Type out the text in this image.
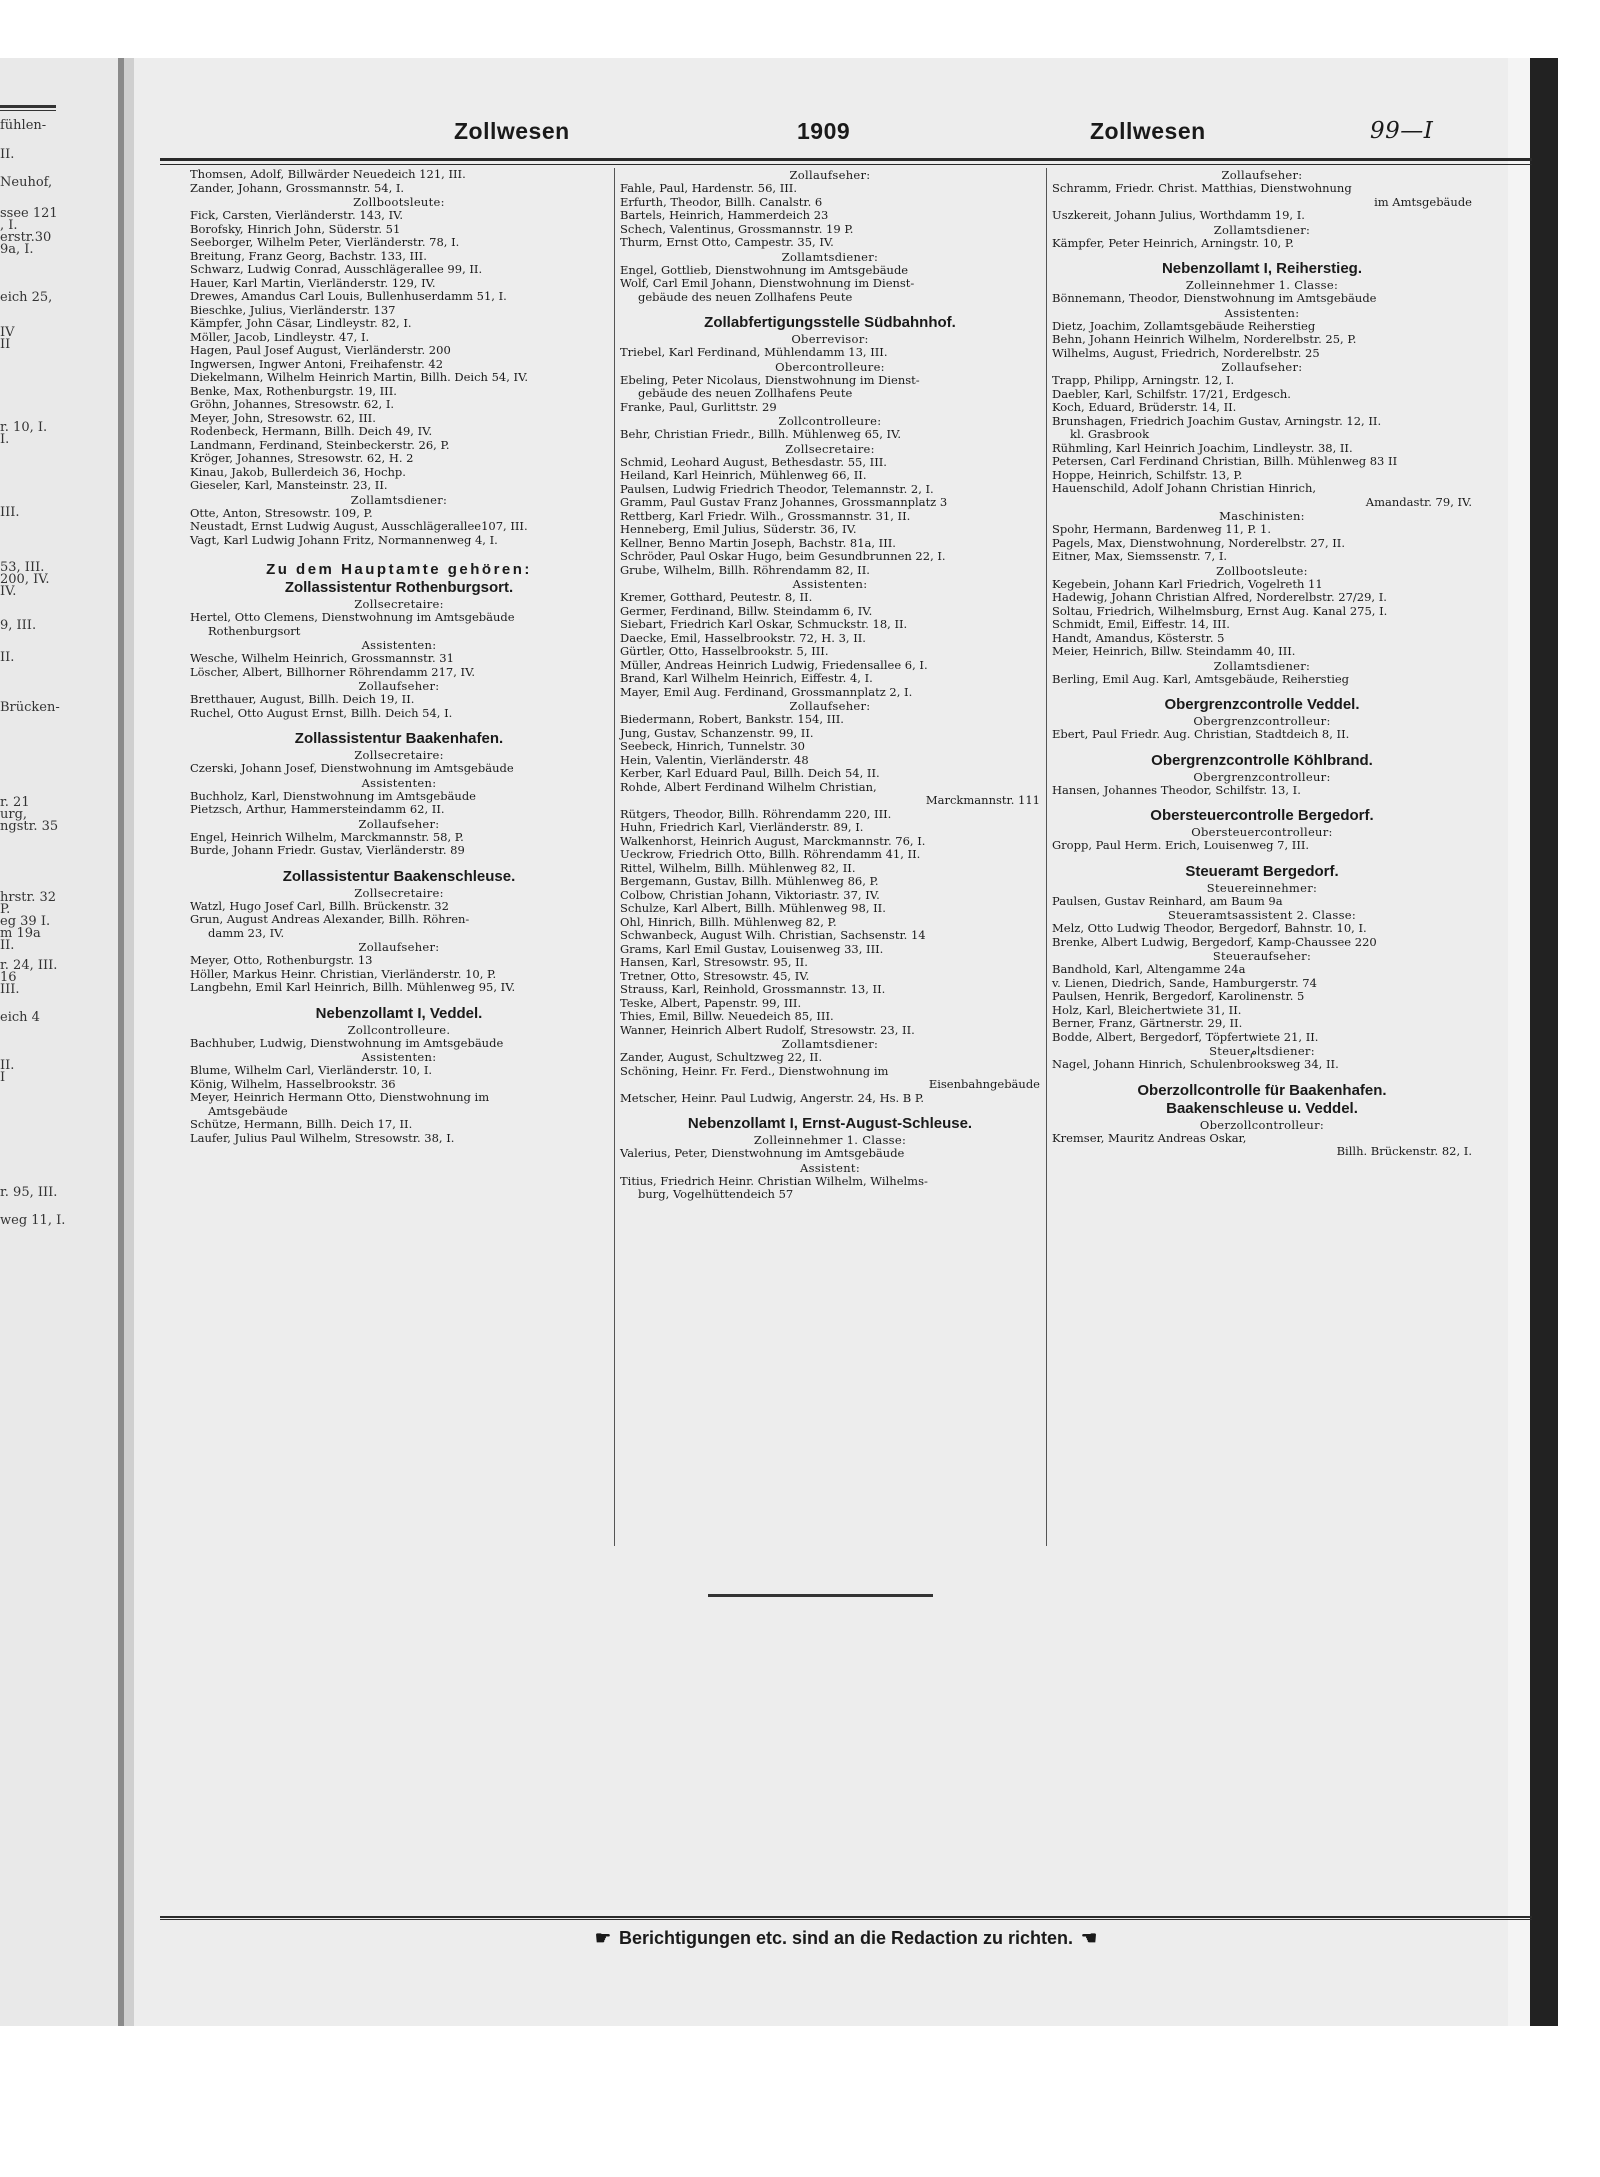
fühlen-
II.
Neuhof,
ssee 121
, I.
erstr.30
9a, I.
eich 25,
IV
II
r. 10, I.
I.
III.
53, III.
200, IV.
IV.
9, III.
II.
Brücken-
r. 21
urg,
ngstr. 35
hrstr. 32
P.
eg 39 I.
m 19a
II.
r. 24, III.
16
III.
eich 4
II.
I
r. 95, III.
weg 11, I.
Zollwesen	1909	Zollwesen	99—I
Thomsen, Adolf, Billwärder Neuedeich 121, III.
Zander, Johann, Grossmannstr. 54, I.
Zollbootsleute:
Fick, Carsten, Vierländerstr. 143, IV.
Borofsky, Hinrich John, Süderstr. 51
Seeborger, Wilhelm Peter, Vierländerstr. 78, I.
Breitung, Franz Georg, Bachstr. 133, III.
Schwarz, Ludwig Conrad, Ausschlägerallee 99, II.
Hauer, Karl Martin, Vierländerstr. 129, IV.
Drewes, Amandus Carl Louis, Bullenhuserdamm 51, I.
Bieschke, Julius, Vierländerstr. 137
Kämpfer, John Cäsar, Lindleystr. 82, I.
Möller, Jacob, Lindleystr. 47, I.
Hagen, Paul Josef August, Vierländerstr. 200
Ingwersen, Ingwer Antoni, Freihafenstr. 42
Diekelmann, Wilhelm Heinrich Martin, Billh. Deich 54, IV.
Benke, Max, Rothenburgstr. 19, III.
Gröhn, Johannes, Stresowstr. 62, I.
Meyer, John, Stresowstr. 62, III.
Rodenbeck, Hermann, Billh. Deich 49, IV.
Landmann, Ferdinand, Steinbeckerstr. 26, P.
Kröger, Johannes, Stresowstr. 62, H. 2
Kinau, Jakob, Bullerdeich 36, Hochp.
Gieseler, Karl, Mansteinstr. 23, II.
Zollamtsdiener:
Otte, Anton, Stresowstr. 109, P.
Neustadt, Ernst Ludwig August, Ausschlägerallee107, III.
Vagt, Karl Ludwig Johann Fritz, Normannenweg 4, I.
Zu dem Hauptamte gehören:
Zollassistentur Rothenburgsort.
Zollsecretaire:
Hertel, Otto Clemens, Dienstwohnung im Amtsgebäude
Rothenburgsort
Assistenten:
Wesche, Wilhelm Heinrich, Grossmannstr. 31
Löscher, Albert, Billhorner Röhrendamm 217, IV.
Zollaufseher:
Bretthauer, August, Billh. Deich 19, II.
Ruchel, Otto August Ernst, Billh. Deich 54, I.
Zollassistentur Baakenhafen.
Zollsecretaire:
Czerski, Johann Josef, Dienstwohnung im Amtsgebäude
Assistenten:
Buchholz, Karl, Dienstwohnung im Amtsgebäude
Pietzsch, Arthur, Hammersteindamm 62, II.
Zollaufseher:
Engel, Heinrich Wilhelm, Marckmannstr. 58, P.
Burde, Johann Friedr. Gustav, Vierländerstr. 89
Zollassistentur Baakenschleuse.
Zollsecretaire:
Watzl, Hugo Josef Carl, Billh. Brückenstr. 32
Grun, August Andreas Alexander, Billh. Röhren-
damm 23, IV.
Zollaufseher:
Meyer, Otto, Rothenburgstr. 13
Höller, Markus Heinr. Christian, Vierländerstr. 10, P.
Langbehn, Emil Karl Heinrich, Billh. Mühlenweg 95, IV.
Nebenzollamt I, Veddel.
Zollcontrolleure.
Bachhuber, Ludwig, Dienstwohnung im Amtsgebäude
Assistenten:
Blume, Wilhelm Carl, Vierländerstr. 10, I.
König, Wilhelm, Hasselbrookstr. 36
Meyer, Heinrich Hermann Otto, Dienstwohnung im
Amtsgebäude
Schütze, Hermann, Billh. Deich 17, II.
Laufer, Julius Paul Wilhelm, Stresowstr. 38, I.
Zollaufseher:
Fahle, Paul, Hardenstr. 56, III.
Erfurth, Theodor, Billh. Canalstr. 6
Bartels, Heinrich, Hammerdeich 23
Schech, Valentinus, Grossmannstr. 19 P.
Thurm, Ernst Otto, Campestr. 35, IV.
Zollamtsdiener:
Engel, Gottlieb, Dienstwohnung im Amtsgebäude
Wolf, Carl Emil Johann, Dienstwohnung im Dienst-
gebäude des neuen Zollhafens Peute
Zollabfertigungsstelle Südbahnhof.
Oberrevisor:
Triebel, Karl Ferdinand, Mühlendamm 13, III.
Obercontrolleure:
Ebeling, Peter Nicolaus, Dienstwohnung im Dienst-
gebäude des neuen Zollhafens Peute
Franke, Paul, Gurlittstr. 29
Zollcontrolleure:
Behr, Christian Friedr., Billh. Mühlenweg 65, IV.
Zollsecretaire:
Schmid, Leohard August, Bethesdastr. 55, III.
Heiland, Karl Heinrich, Mühlenweg 66, II.
Paulsen, Ludwig Friedrich Theodor, Telemannstr. 2, I.
Gramm, Paul Gustav Franz Johannes, Grossmannplatz 3
Rettberg, Karl Friedr. Wilh., Grossmannstr. 31, II.
Henneberg, Emil Julius, Süderstr. 36, IV.
Kellner, Benno Martin Joseph, Bachstr. 81a, III.
Schröder, Paul Oskar Hugo, beim Gesundbrunnen 22, I.
Grube, Wilhelm, Billh. Röhrendamm 82, II.
Assistenten:
Kremer, Gotthard, Peutestr. 8, II.
Germer, Ferdinand, Billw. Steindamm 6, IV.
Siebart, Friedrich Karl Oskar, Schmuckstr. 18, II.
Daecke, Emil, Hasselbrookstr. 72, H. 3, II.
Gürtler, Otto, Hasselbrookstr. 5, III.
Müller, Andreas Heinrich Ludwig, Friedensallee 6, I.
Brand, Karl Wilhelm Heinrich, Eiffestr. 4, I.
Mayer, Emil Aug. Ferdinand, Grossmannplatz 2, I.
Zollaufseher:
Biedermann, Robert, Bankstr. 154, III.
Jung, Gustav, Schanzenstr. 99, II.
Seebeck, Hinrich, Tunnelstr. 30
Hein, Valentin, Vierländerstr. 48
Kerber, Karl Eduard Paul, Billh. Deich 54, II.
Rohde, Albert Ferdinand Wilhelm Christian,
Marckmannstr. 111
Rütgers, Theodor, Billh. Röhrendamm 220, III.
Huhn, Friedrich Karl, Vierländerstr. 89, I.
Walkenhorst, Heinrich August, Marckmannstr. 76, I.
Ueckrow, Friedrich Otto, Billh. Röhrendamm 41, II.
Rittel, Wilhelm, Billh. Mühlenweg 82, II.
Bergemann, Gustav, Billh. Mühlenweg 86, P.
Colbow, Christian Johann, Viktoriastr. 37, IV.
Schulze, Karl Albert, Billh. Mühlenweg 98, II.
Ohl, Hinrich, Billh. Mühlenweg 82, P.
Schwanbeck, August Wilh. Christian, Sachsenstr. 14
Grams, Karl Emil Gustav, Louisenweg 33, III.
Hansen, Karl, Stresowstr. 95, II.
Tretner, Otto, Stresowstr. 45, IV.
Strauss, Karl, Reinhold, Grossmannstr. 13, II.
Teske, Albert, Papenstr. 99, III.
Thies, Emil, Billw. Neuedeich 85, III.
Wanner, Heinrich Albert Rudolf, Stresowstr. 23, II.
Zollamtsdiener:
Zander, August, Schultzweg 22, II.
Schöning, Heinr. Fr. Ferd., Dienstwohnung im
Eisenbahngebäude
Metscher, Heinr. Paul Ludwig, Angerstr. 24, Hs. B P.
Nebenzollamt I, Ernst-August-Schleuse.
Zolleinnehmer 1. Classe:
Valerius, Peter, Dienstwohnung im Amtsgebäude
Assistent:
Titius, Friedrich Heinr. Christian Wilhelm, Wilhelms-
burg, Vogelhüttendeich 57
Zollaufseher:
Schramm, Friedr. Christ. Matthias, Dienstwohnung
im Amtsgebäude
Uszkereit, Johann Julius, Worthdamm 19, I.
Zollamtsdiener:
Kämpfer, Peter Heinrich, Arningstr. 10, P.
Nebenzollamt I, Reiherstieg.
Zolleinnehmer 1. Classe:
Bönnemann, Theodor, Dienstwohnung im Amtsgebäude
Assistenten:
Dietz, Joachim, Zollamtsgebäude Reiherstieg
Behn, Johann Heinrich Wilhelm, Norderelbstr. 25, P.
Wilhelms, August, Friedrich, Norderelbstr. 25
Zollaufseher:
Trapp, Philipp, Arningstr. 12, I.
Daebler, Karl, Schilfstr. 17/21, Erdgesch.
Koch, Eduard, Brüderstr. 14, II.
Brunshagen, Friedrich Joachim Gustav, Arningstr. 12, II.
kl. Grasbrook
Rühmling, Karl Heinrich Joachim, Lindleystr. 38, II.
Petersen, Carl Ferdinand Christian, Billh. Mühlenweg 83 II
Hoppe, Heinrich, Schilfstr. 13, P.
Hauenschild, Adolf Johann Christian Hinrich,
Amandastr. 79, IV.
Maschinisten:
Spohr, Hermann, Bardenweg 11, P. 1.
Pagels, Max, Dienstwohnung, Norderelbstr. 27, II.
Eitner, Max, Siemssenstr. 7, I.
Zollbootsleute:
Kegebein, Johann Karl Friedrich, Vogelreth 11
Hadewig, Johann Christian Alfred, Norderelbstr. 27/29, I.
Soltau, Friedrich, Wilhelmsburg, Ernst Aug. Kanal 275, I.
Schmidt, Emil, Eiffestr. 14, III.
Handt, Amandus, Kösterstr. 5
Meier, Heinrich, Billw. Steindamm 40, III.
Zollamtsdiener:
Berling, Emil Aug. Karl, Amtsgebäude, Reiherstieg
Obergrenzcontrolle Veddel.
Obergrenzcontrolleur:
Ebert, Paul Friedr. Aug. Christian, Stadtdeich 8, II.
Obergrenzcontrolle Köhlbrand.
Obergrenzcontrolleur:
Hansen, Johannes Theodor, Schilfstr. 13, I.
Obersteuercontrolle Bergedorf.
Obersteuercontrolleur:
Gropp, Paul Herm. Erich, Louisenweg 7, III.
Steueramt Bergedorf.
Steuereinnehmer:
Paulsen, Gustav Reinhard, am Baum 9a
Steueramtsassistent 2. Classe:
Melz, Otto Ludwig Theodor, Bergedorf, Bahnstr. 10, I.
Brenke, Albert Ludwig, Bergedorf, Kamp-Chaussee 220
Steueraufseher:
Bandhold, Karl, Altengamme 24a
v. Lienen, Diedrich, Sande, Hamburgerstr. 74
Paulsen, Henrik, Bergedorf, Karolinenstr. 5
Holz, Karl, Bleichertwiete 31, II.
Berner, Franz, Gärtnerstr. 29, II.
Bodde, Albert, Bergedorf, Töpfertwiete 21, II.
Steuerامtsdiener:
Nagel, Johann Hinrich, Schulenbrooksweg 34, II.
Oberzollcontrolle für Baakenhafen.
Baakenschleuse u. Veddel.
Oberzollcontrolleur:
Kremser, Mauritz Andreas Oskar,
Billh. Brückenstr. 82, I.
☛ Berichtigungen etc. sind an die Redaction zu richten. ☚
